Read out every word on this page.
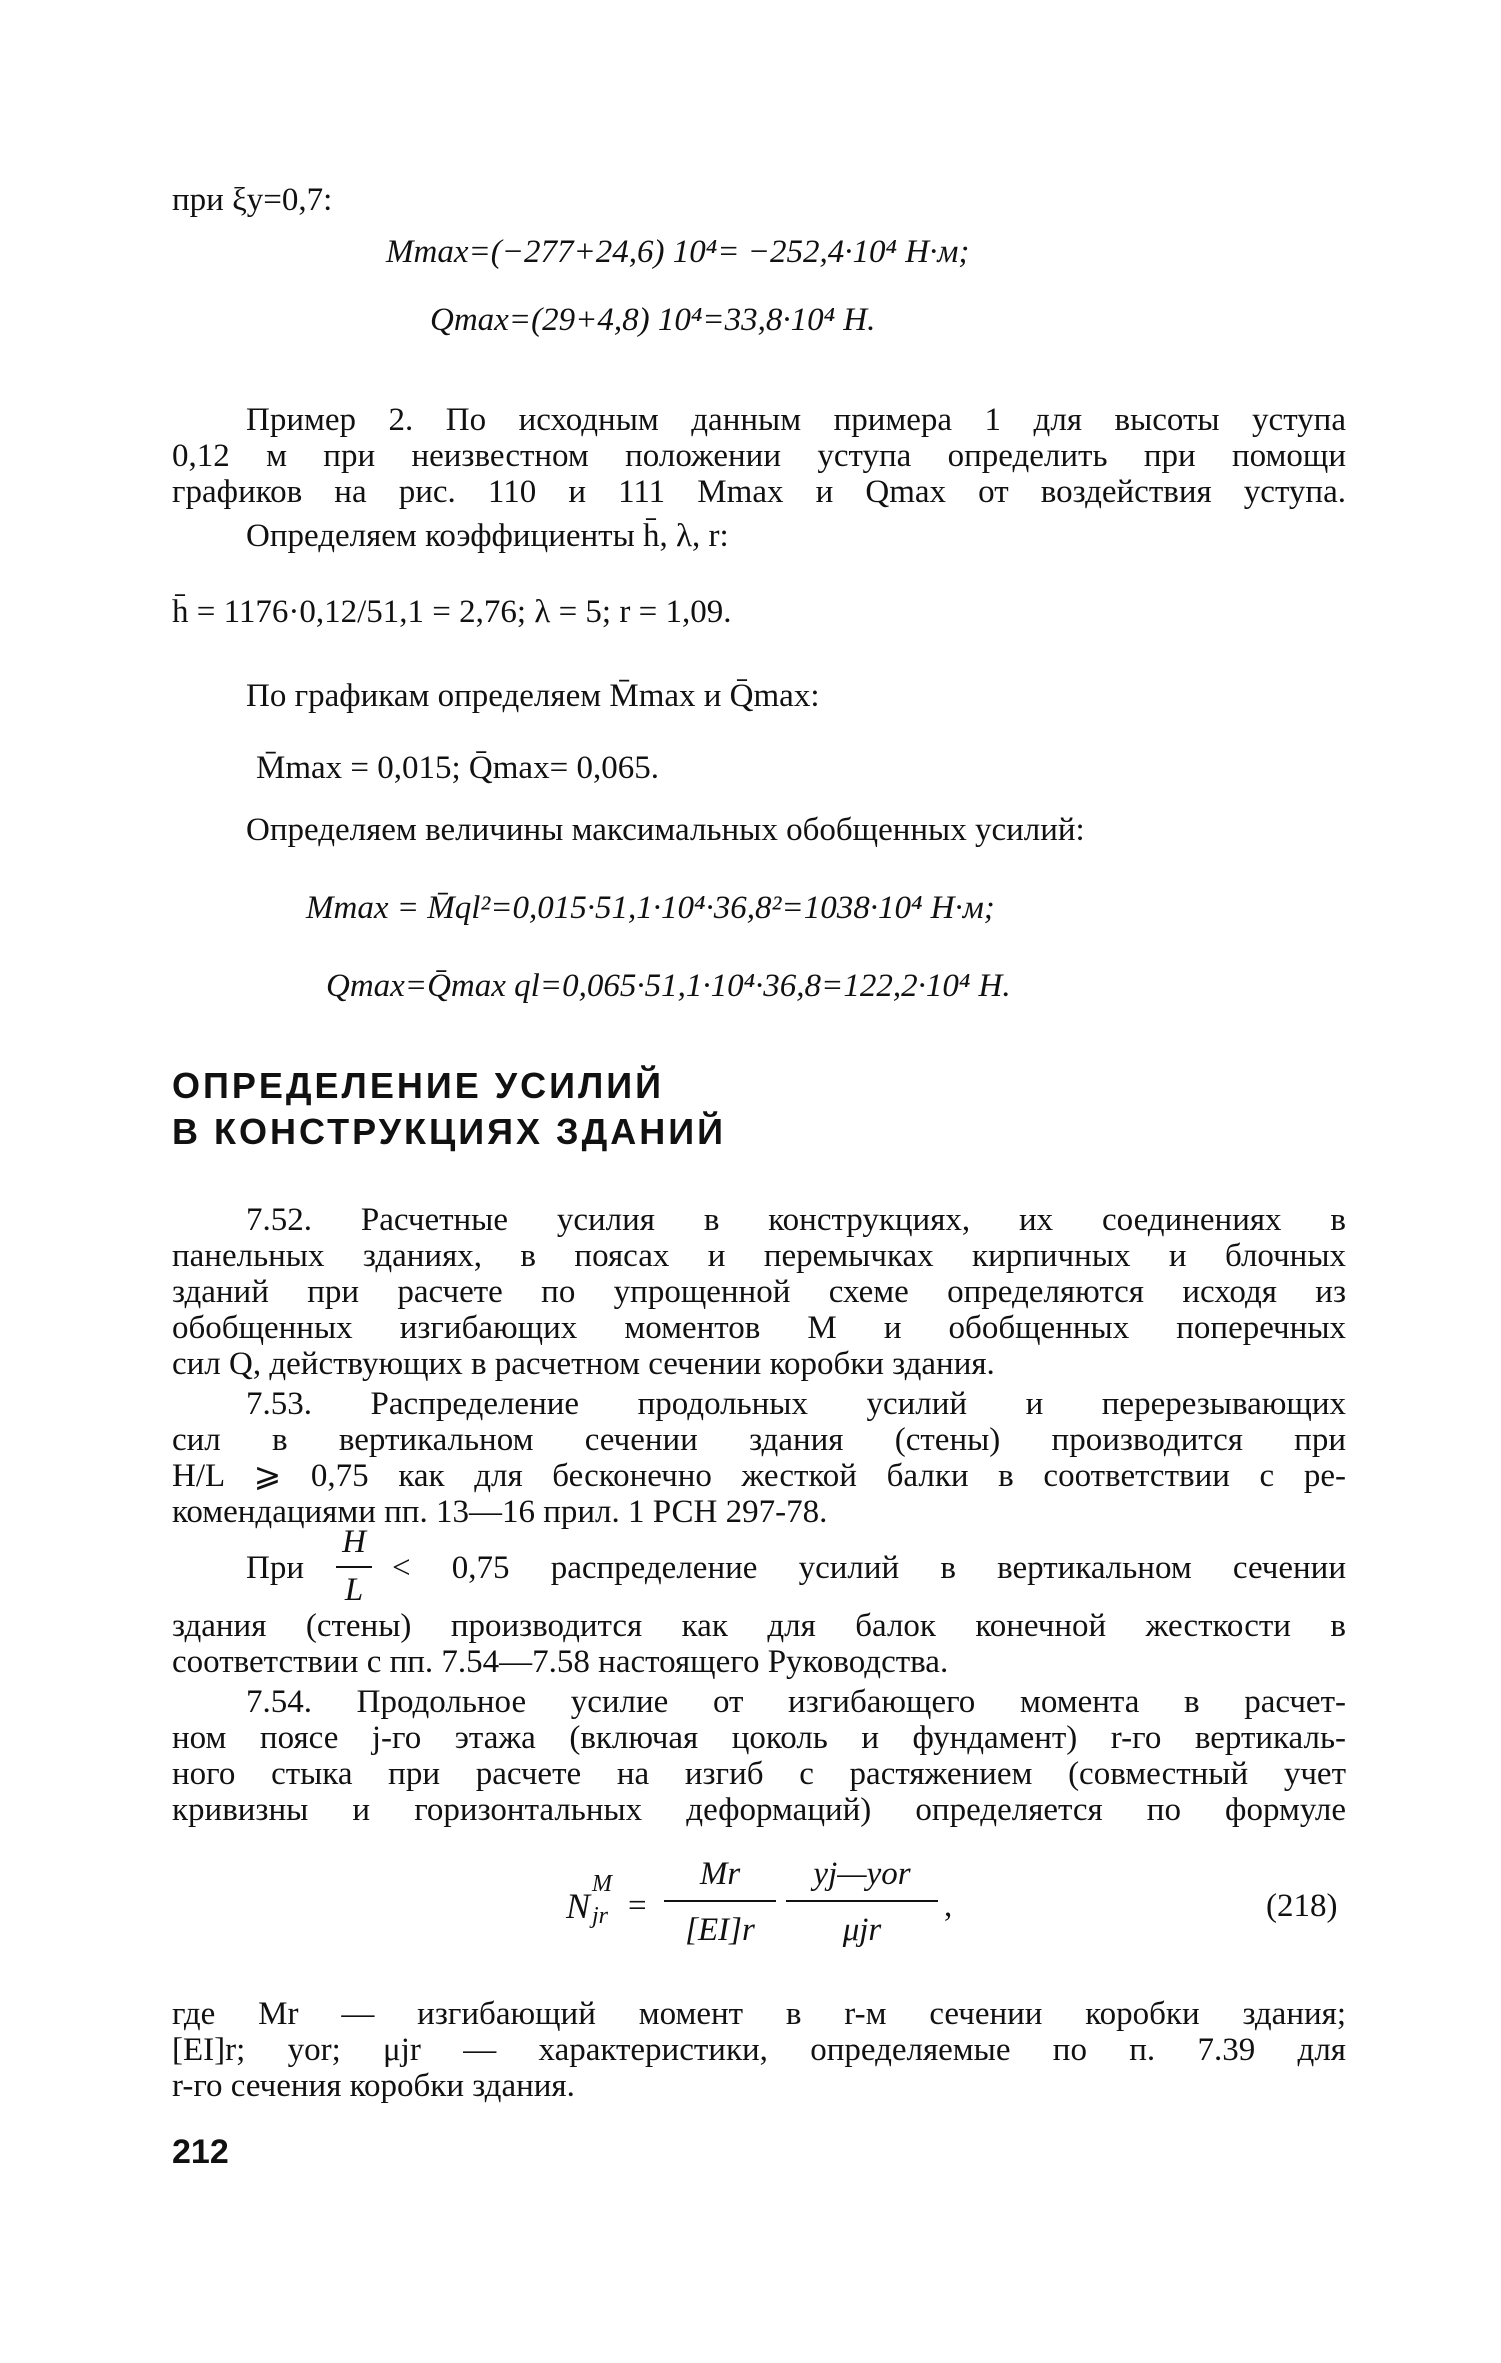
при ξу=0,7:
Mmax=(−277+24,6) 10⁴= −252,4·10⁴ Н·м;
Qmax=(29+4,8) 10⁴=33,8·10⁴ Н.
Пример 2. По исходным данным примера 1 для высоты уступа
0,12 м при неизвестном положении уступа определить при помощи
графиков на рис. 110 и 111 Mmax и Qmax от воздействия уступа.
Определяем коэффициенты h̄, λ, r:
h̄ = 1176·0,12/51,1 = 2,76; λ = 5; r = 1,09.
По графикам определяем M̄max и Q̄max:
M̄max = 0,015; Q̄max= 0,065.
Определяем величины максимальных обобщенных усилий:
Mmax = M̄ql²=0,015·51,1·10⁴·36,8²=1038·10⁴ Н·м;
Qmax=Q̄max ql=0,065·51,1·10⁴·36,8=122,2·10⁴ Н.
ОПРЕДЕЛЕНИЕ УСИЛИЙ
В КОНСТРУКЦИЯХ ЗДАНИЙ
7.52. Расчетные усилия в конструкциях, их соединениях в
панельных зданиях, в поясах и перемычках кирпичных и блочных
зданий при расчете по упрощенной схеме определяются исходя из
обобщенных изгибающих моментов M и обобщенных поперечных
сил Q, действующих в расчетном сечении коробки здания.
7.53. Распределение продольных усилий и перерезывающих
сил в вертикальном сечении здания (стены) производится при
H/L ⩾ 0,75 как для бесконечно жесткой балки в соответствии с ре-
комендациями пп. 13—16 прил. 1 РСН 297-78.
При
H
L
< 0,75 распределение усилий в вертикальном сечении
здания (стены) производится как для балок конечной жесткости в
соответствии с пп. 7.54—7.58 настоящего Руководства.
7.54. Продольное усилие от изгибающего момента в расчет-
ном поясе j-го этажа (включая цоколь и фундамент) r-го вертикаль-
ного стыка при расчете на изгиб с растяжением (совместный учет
кривизны и горизонтальных деформаций) определяется по формуле
N
M
jr =
Mr
[EI]r
yj—yor
μjr
,	(218)
где Mr — изгибающий момент в r-м сечении коробки здания;
[EI]r; yor; μjr — характеристики, определяемые по п. 7.39 для
r-го сечения коробки здания.
212
